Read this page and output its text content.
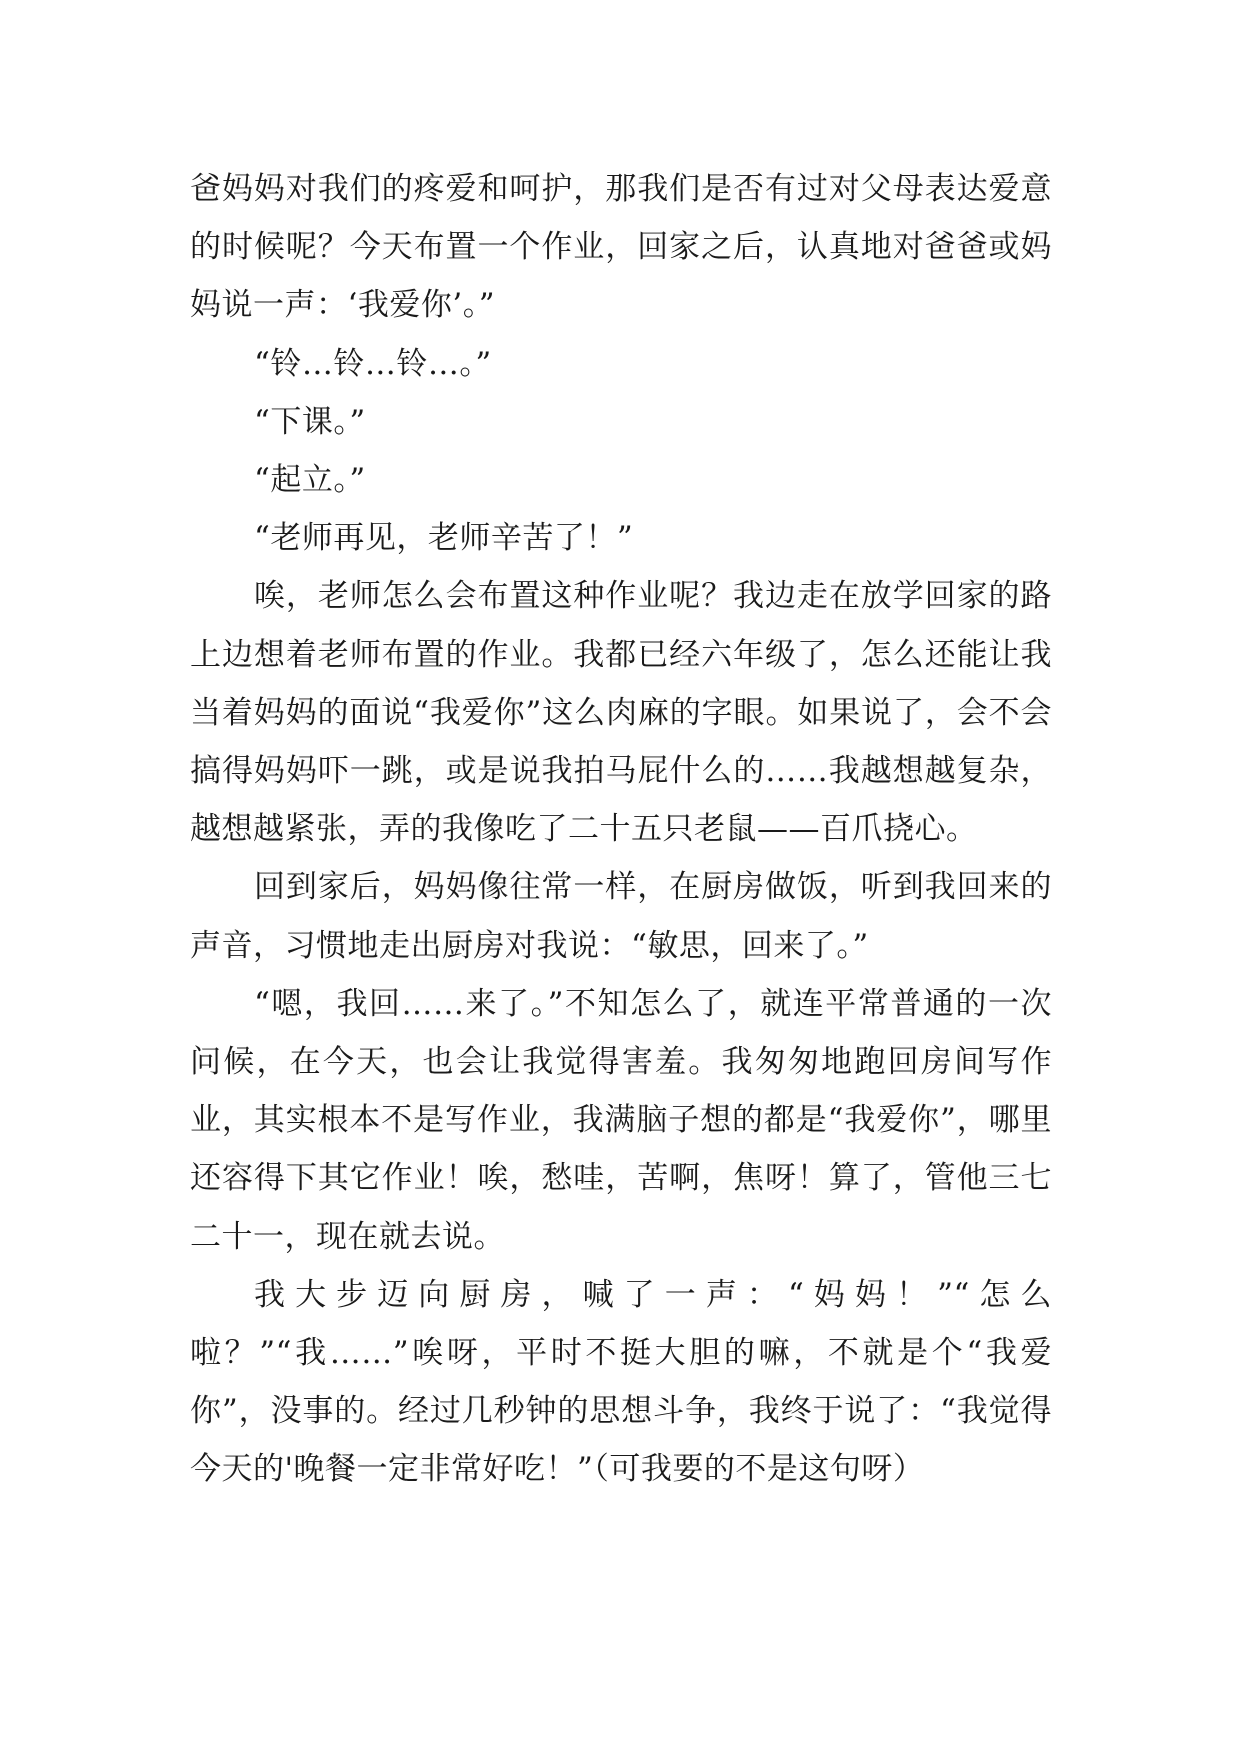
爸妈妈对我们的疼爱和呵护，那我们是否有过对父母表达爱意的时候呢？今天布置一个作业，回家之后，认真地对爸爸或妈妈说一声：‘我爱你’。”

“铃…铃…铃…。”

“下课。”

“起立。”

“老师再见，老师辛苦了！”

唉，老师怎么会布置这种作业呢？我边走在放学回家的路上边想着老师布置的作业。我都已经六年级了，怎么还能让我当着妈妈的面说“我爱你”这么肉麻的字眼。如果说了，会不会搞得妈妈吓一跳，或是说我拍马屁什么的……我越想越复杂，越想越紧张，弄的我像吃了二十五只老鼠——百爪挠心。

回到家后，妈妈像往常一样，在厨房做饭，听到我回来的声音，习惯地走出厨房对我说：“敏思，回来了。”

“嗯，我回……来了。”不知怎么了，就连平常普通的一次问候，在今天，也会让我觉得害羞。我匆匆地跑回房间写作业，其实根本不是写作业，我满脑子想的都是“我爱你”，哪里还容得下其它作业！唉，愁哇，苦啊，焦呀！算了，管他三七二十一，现在就去说。

我大步迈向厨房，喊了一声：“妈妈！”“怎么啦？”“我……”唉呀，平时不挺大胆的嘛，不就是个“我爱你”，没事的。经过几秒钟的思想斗争，我终于说了：“我觉得今天的'晚餐一定非常好吃！”（可我要的不是这句呀）
